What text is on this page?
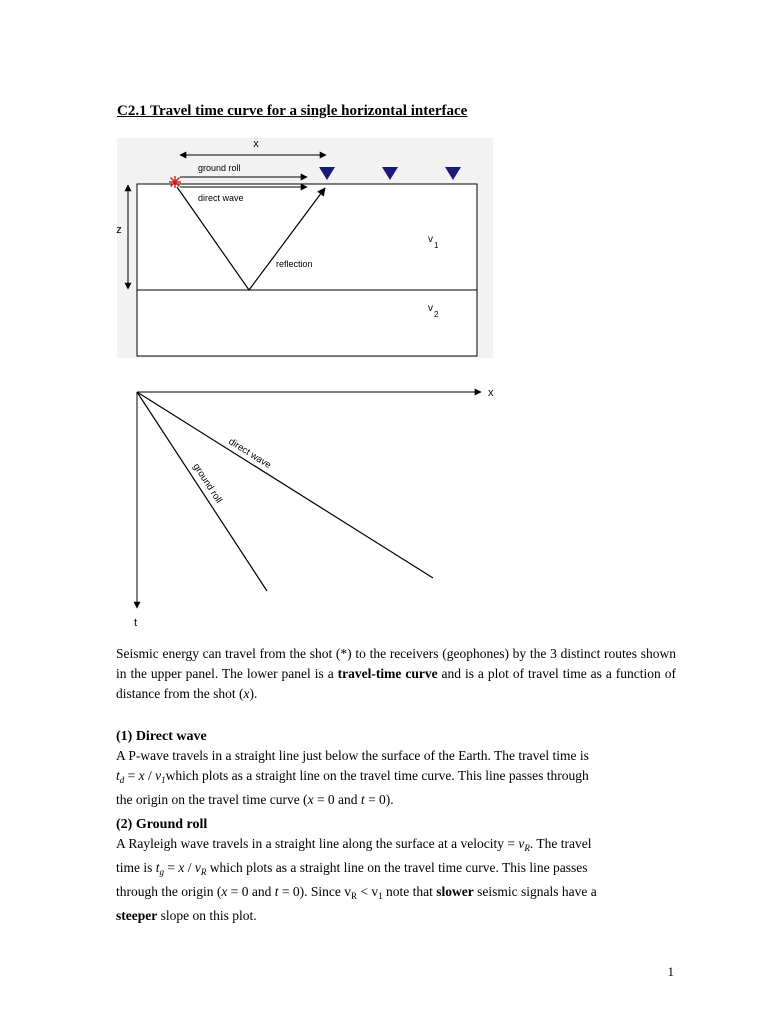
C2.1 Travel time curve for a single horizontal interface
x
ground roll
direct wave
z
reflection
$v_1$
$v_2$
x
t
direct wave
ground roll

Seismic energy can travel from the shot (*) to the receivers (geophones) by the 3 distinct routes shown in the upper panel. The lower panel is a travel-time curve and is a plot of travel time as a function of distance from the shot (x).

(1) Direct wave

A P-wave travels in a straight line just below the surface of the Earth. The travel time is
$t_d = x$ / $v_1which$ plots as a straight line on the travel time curve. This line passes through
the origin on the travel time curve (x = 0 and t = 0).

(2) Ground roll

A Rayleigh wave travels in a straight line along the surface at a velocity = $v_R$. The travel
time is $t_g = x / v_R$ which plots as a straight line on the travel time curve. This line passes
through the origin (x = 0 and t = 0). Since $v_R < v_1$ note that slower seismic signals have a
steeper slope on this plot.

1
